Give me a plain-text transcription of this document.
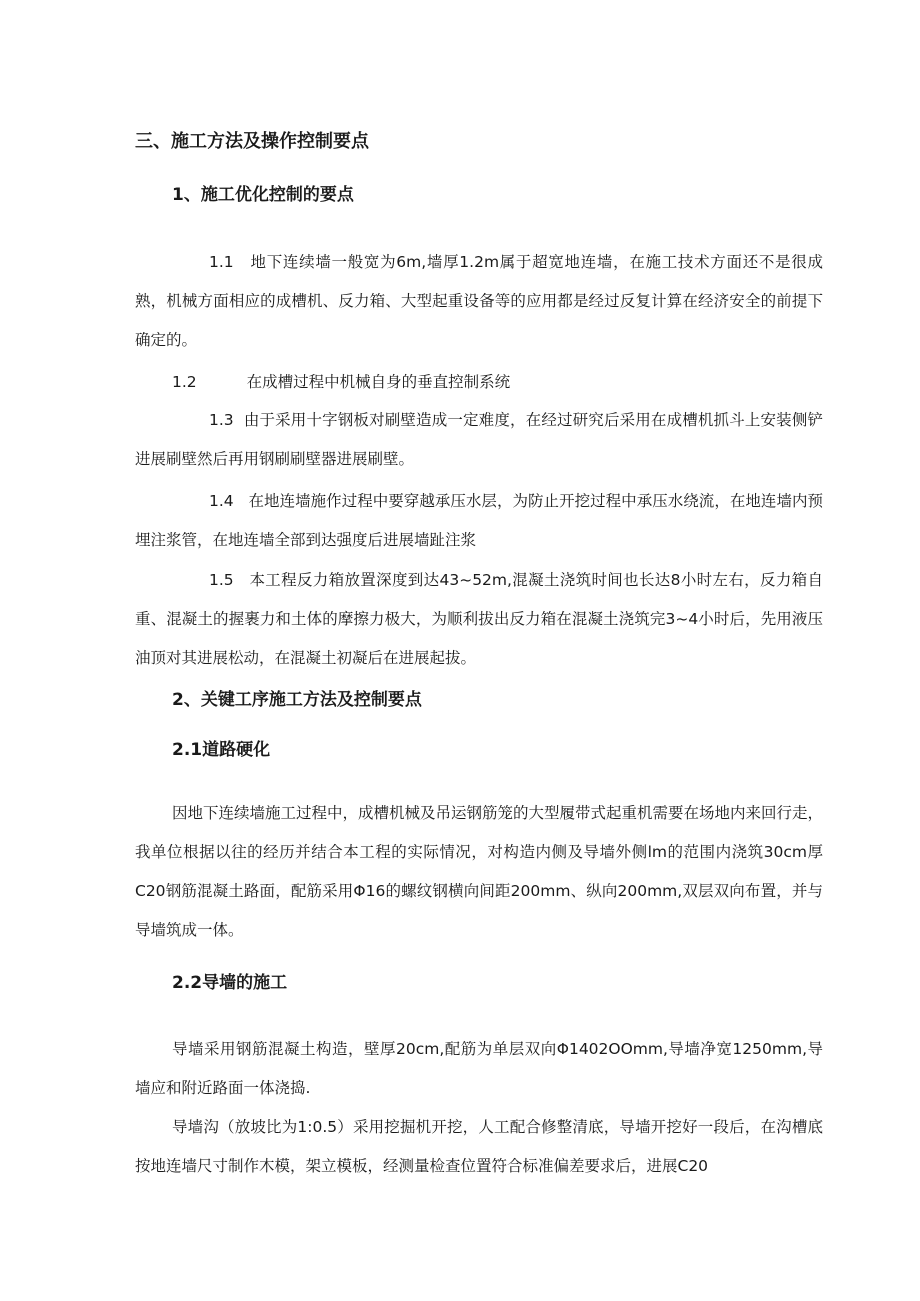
三、施工方法及操作控制要点
1、施工优化控制的要点

1.1 地下连续墙一般宽为6m,墙厚1.2m属于超宽地连墙，在施工技术方面还不是很成熟，机械方面相应的成槽机、反力箱、大型起重设备等的应用都是经过反复计算在经济安全的前提下确定的。

1.2	在成槽过程中机械自身的垂直控制系统

1.3 由于采用十字钢板对刷壁造成一定难度，在经过研究后采用在成槽机抓斗上安装侧铲进展刷壁然后再用钢刷刷壁器进展刷壁。

1.4 在地连墙施作过程中要穿越承压水层，为防止开挖过程中承压水绕流，在地连墙内预埋注浆管，在地连墙全部到达强度后进展墙趾注浆

1.5 本工程反力箱放置深度到达43~52m,混凝土浇筑时间也长达8小时左右，反力箱自重、混凝土的握裹力和土体的摩擦力极大，为顺利拔出反力箱在混凝土浇筑完3~4小时后，先用液压油顶对其进展松动，在混凝土初凝后在进展起拔。

2、关键工序施工方法及控制要点
2.1道路硬化

因地下连续墙施工过程中，成槽机械及吊运钢筋笼的大型履带式起重机需要在场地内来回行走，我单位根据以往的经历并结合本工程的实际情况，对构造内侧及导墙外侧lm的范围内浇筑30cm厚C20钢筋混凝土路面，配筋采用Φ16的螺纹钢横向间距200mm、纵向200mm,双层双向布置，并与导墙筑成一体。

2.2导墙的施工

导墙采用钢筋混凝土构造，壁厚20cm,配筋为单层双向Φ1402OOmm,导墙净宽1250mm,导墙应和附近路面一体浇捣.

导墙沟（放坡比为1:0.5）采用挖掘机开挖，人工配合修整清底，导墙开挖好一段后，在沟槽底按地连墙尺寸制作木模，架立模板，经测量检查位置符合标准偏差要求后，进展C20
